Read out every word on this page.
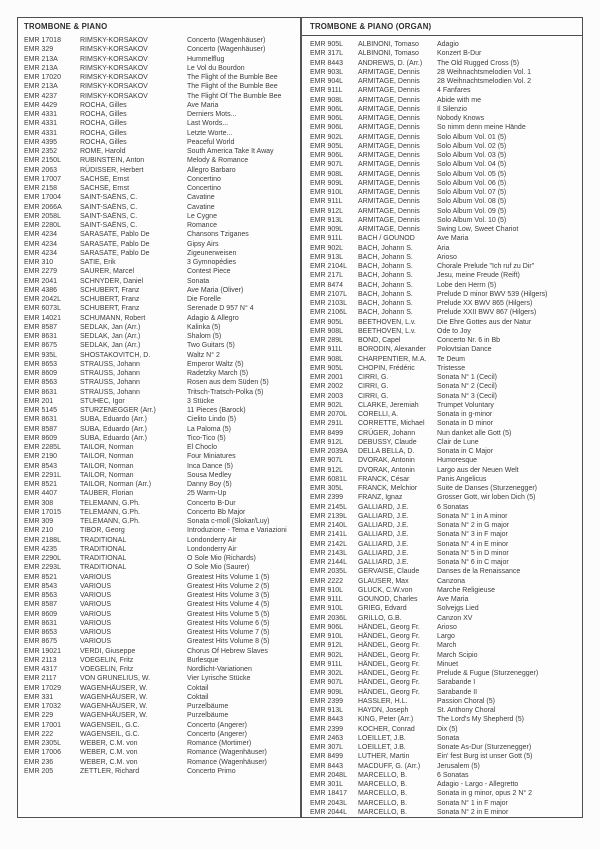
TROMBONE & PIANO
EMR 17018	RIMSKY-KORSAKOV	Concerto (Wagenhäuser)
EMR 329	RIMSKY-KORSAKOV	Concerto (Wagenhäuser)
EMR 213A	RIMSKY-KORSAKOV	Hummelflug
EMR 213A	RIMSKY-KORSAKOV	Le Vol du Bourdon
EMR 17020	RIMSKY-KORSAKOV	The Flight of the Bumble Bee
EMR 213A	RIMSKY-KORSAKOV	The Flight of the Bumble Bee
EMR 4237	RIMSKY-KORSAKOV	The Flight Of The Bumble Bee
EMR 4429	ROCHA, Gilles	Ave Maria
EMR 4331	ROCHA, Gilles	Derniers Mots...
EMR 4331	ROCHA, Gilles	Last Words...
EMR 4331	ROCHA, Gilles	Letzte Worte...
EMR 4395	ROCHA, Gilles	Peaceful World
EMR 2352	ROME, Harold	South America Take It Away
EMR 2150L	RUBINSTEIN, Anton	Melody & Romance
EMR 2063	RÜDISSER, Herbert	Allegro Barbaro
EMR 17007	SACHSE, Ernst	Concertino
EMR 2158	SACHSE, Ernst	Concertino
EMR 17004	SAINT-SAËNS, C.	Cavatine
EMR 2066A	SAINT-SAËNS, C.	Cavatine
EMR 2058L	SAINT-SAËNS, C.	Le Cygne
EMR 2280L	SAINT-SAËNS, C.	Romance
EMR 4234	SARASATE, Pablo De	Chansons Tziganes
EMR 4234	SARASATE, Pablo De	Gipsy Airs
EMR 4234	SARASATE, Pablo De	Zigeunerweisen
EMR 310	SATIE, Erik	3 Gymnopédies
EMR 2279	SAURER, Marcel	Contest Piece
EMR 2041	SCHNYDER, Daniel	Sonata
EMR 4386	SCHUBERT, Franz	Ave Maria (Oliver)
EMR 2042L	SCHUBERT, Franz	Die Forelle
EMR 6073L	SCHUBERT, Franz	Serenade D 957 N° 4
EMR 14021	SCHUMANN, Robert	Adagio & Allegro
EMR 8587	SEDLAK, Jan (Arr.)	Kalinka (5)
EMR 8631	SEDLAK, Jan (Arr.)	Shalom (5)
EMR 8675	SEDLAK, Jan (Arr.)	Two Guitars (5)
EMR 935L	SHOSTAKOVITCH, D.	Waltz N° 2
EMR 8653	STRAUSS, Johann	Emperor Waltz (5)
EMR 8609	STRAUSS, Johann	Radetzky March (5)
EMR 8563	STRAUSS, Johann	Rosen aus dem Süden (5)
EMR 8631	STRAUSS, Johann	Tritsch-Tratsch-Polka (5)
EMR 201	STUHEC, Igor	3 Stücke
EMR 5145	STURZENEGGER (Arr.)	11 Pieces (Barock)
EMR 8631	SUBA, Eduardo (Arr.)	Cielito Lindo (5)
EMR 8587	SUBA, Eduardo (Arr.)	La Paloma (5)
EMR 8609	SUBA, Eduardo (Arr.)	Tico-Tico (5)
EMR 2285L	TAILOR, Norman	El Choclo
EMR 2190	TAILOR, Norman	Four Miniatures
EMR 8543	TAILOR, Norman	Inca Dance (5)
EMR 2291L	TAILOR, Norman	Sousa Medley
EMR 8521	TAILOR, Norman (Arr.)	Danny Boy (5)
EMR 4407	TAUBER, Florian	25 Warm-Up
EMR 308	TELEMANN, G.Ph.	Concerto B-Dur
EMR 17015	TELEMANN, G.Ph.	Concerto Bb Major
EMR 309	TELEMANN, G.Ph.	Sonata c-moll (Slokar/Luy)
EMR 210	TIBOR, Georg	Introduzione - Tema e Variazioni
EMR 2188L	TRADITIONAL	Londonderry Air
EMR 4235	TRADITIONAL	Londonderry Air
EMR 2290L	TRADITIONAL	O Sole Mio (Richards)
EMR 2293L	TRADITIONAL	O Sole Mio (Saurer)
EMR 8521	VARIOUS	Greatest Hits Volume 1 (5)
EMR 8543	VARIOUS	Greatest Hits Volume 2 (5)
EMR 8563	VARIOUS	Greatest Hits Volume 3 (5)
EMR 8587	VARIOUS	Greatest Hits Volume 4 (5)
EMR 8609	VARIOUS	Greatest Hits Volume 5 (5)
EMR 8631	VARIOUS	Greatest Hits Volume 6 (5)
EMR 8653	VARIOUS	Greatest Hits Volume 7 (5)
EMR 8675	VARIOUS	Greatest Hits Volume 8 (5)
EMR 19021	VERDI, Giuseppe	Chorus Of Hebrew Slaves
EMR 2113	VOEGELIN, Fritz	Burlesque
EMR 4317	VOEGELIN, Fritz	Nordlicht-Variationen
EMR 2117	VON GRUNELIUS, W.	Vier Lyrische Stücke
EMR 17029	WAGENHÄUSER, W.	Coktail
EMR 331	WAGENHÄUSER, W.	Coktail
EMR 17032	WAGENHÄUSER, W.	Purzelbäume
EMR 229	WAGENHÄUSER, W.	Purzelbäume
EMR 17001	WAGENSEIL, G.C.	Concerto (Angerer)
EMR 222	WAGENSEIL, G.C.	Concerto (Angerer)
EMR 2305L	WEBER, C.M. von	Romance (Mortimer)
EMR 17006	WEBER, C.M. von	Romance (Wagenhäuser)
EMR 236	WEBER, C.M. von	Romance (Wagenhäuser)
EMR 205	ZETTLER, Richard	Concerto Primo
TROMBONE & PIANO (ORGAN)
EMR 905L	ALBINONI, Tomaso	Adagio
EMR 317L	ALBINONI, Tomaso	Konzert B-Dur
EMR 8443	ANDREWS, D. (Arr.)	The Old Rugged Cross (5)
EMR 903L	ARMITAGE, Dennis	28 Weihnachtsmelodien Vol. 1
EMR 904L	ARMITAGE, Dennis	28 Weihnachtsmelodien Vol. 2
EMR 911L	ARMITAGE, Dennis	4 Fanfares
EMR 908L	ARMITAGE, Dennis	Abide with me
EMR 906L	ARMITAGE, Dennis	Il Silenzio
EMR 906L	ARMITAGE, Dennis	Nobody Knows
EMR 906L	ARMITAGE, Dennis	So nimm denn meine Hände
EMR 902L	ARMITAGE, Dennis	Solo Album Vol. 01 (5)
EMR 905L	ARMITAGE, Dennis	Solo Album Vol. 02 (5)
EMR 906L	ARMITAGE, Dennis	Solo Album Vol. 03 (5)
EMR 907L	ARMITAGE, Dennis	Solo Album Vol. 04 (5)
EMR 908L	ARMITAGE, Dennis	Solo Album Vol. 05 (5)
EMR 909L	ARMITAGE, Dennis	Solo Album Vol. 06 (5)
EMR 910L	ARMITAGE, Dennis	Solo Album Vol. 07 (5)
EMR 911L	ARMITAGE, Dennis	Solo Album Vol. 08 (5)
EMR 912L	ARMITAGE, Dennis	Solo Album Vol. 09 (5)
EMR 913L	ARMITAGE, Dennis	Solo Album Vol. 10 (5)
EMR 909L	ARMITAGE, Dennis	Swing Low, Sweet Chariot
EMR 911L	BACH / GOUNOD	Ave Maria
EMR 902L	BACH, Johann S.	Aria
EMR 913L	BACH, Johann S.	Arioso
EMR 2104L	BACH, Johann S.	Chorale Prelude "Ich ruf zu Dir"
EMR 217L	BACH, Johann S.	Jesu, meine Freude (Reift)
EMR 8474	BACH, Johann S.	Lobe den Herrn (5)
EMR 2107L	BACH, Johann S.	Prelude D minor BWV 539 (Hilgers)
EMR 2103L	BACH, Johann S.	Prelude XX BWV 865 (Hilgers)
EMR 2106L	BACH, Johann S.	Prelude XXII BWV 867 (Hilgers)
EMR 905L	BEETHOVEN, L.v.	Die Ehre Gottes aus der Natur
EMR 908L	BEETHOVEN, L.v.	Ode to Joy
EMR 289L	BOND, Capel	Concerto Nr. 6 in Bb
EMR 911L	BORODIN, Alexander	Polovtsian Dance
EMR 908L	CHARPENTIER, M.A.	Te Deum
EMR 905L	CHOPIN, Frédéric	Tristesse
EMR 2001	CIRRI, G.	Sonata N° 1 (Cecil)
EMR 2002	CIRRI, G.	Sonata N° 2 (Cecil)
EMR 2003	CIRRI, G.	Sonata N° 3 (Cecil)
EMR 902L	CLARKE, Jeremiah	Trumpet Voluntary
EMR 2070L	CORELLI, A.	Sonata in g-minor
EMR 291L	CORRETTE, Michael	Sonata in D minor
EMR 8499	CRÜGER, Johann	Nun danket alle Gott (5)
EMR 912L	DEBUSSY, Claude	Clair de Lune
EMR 2039A	DELLA BELLA, D.	Sonata in C Major
EMR 907L	DVORAK, Antonin	Humoresque
EMR 912L	DVORAK, Antonin	Largo aus der Neuen Welt
EMR 6081L	FRANCK, César	Panis Angelicus
EMR 305L	FRANCK, Melchior	Suite de Danses (Sturzenegger)
EMR 2399	FRANZ, Ignaz	Grosser Gott, wir loben Dich (5)
EMR 2145L	GALLIARD, J.E.	6 Sonatas
EMR 2139L	GALLIARD, J.E.	Sonata N° 1 in A minor
EMR 2140L	GALLIARD, J.E.	Sonata N° 2 in G major
EMR 2141L	GALLIARD, J.E.	Sonata N° 3 in F major
EMR 2142L	GALLIARD, J.E.	Sonata N° 4 in E minor
EMR 2143L	GALLIARD, J.E.	Sonata N° 5 in D minor
EMR 2144L	GALLIARD, J.E.	Sonata N° 6 in C major
EMR 2035L	GERVAISE, Claude	Danses de la Renaissance
EMR 2222	GLAUSER, Max	Canzona
EMR 910L	GLUCK, C.W.von	Marche Religieuse
EMR 911L	GOUNOD, Charles	Ave Maria
EMR 910L	GRIEG, Edvard	Solvejgs Lied
EMR 2036L	GRILLO, G.B.	Canzon XV
EMR 906L	HÄNDEL, Georg Fr.	Arioso
EMR 910L	HÄNDEL, Georg Fr.	Largo
EMR 912L	HÄNDEL, Georg Fr.	March
EMR 902L	HÄNDEL, Georg Fr.	March Scipio
EMR 911L	HÄNDEL, Georg Fr.	Minuet
EMR 302L	HÄNDEL, Georg Fr.	Prelude & Fugue (Sturzenegger)
EMR 907L	HÄNDEL, Georg Fr.	Sarabande I
EMR 909L	HÄNDEL, Georg Fr.	Sarabande II
EMR 2399	HASSLER, H.L.	Passion Choral (5)
EMR 913L	HAYDN, Joseph	St. Anthony Choral
EMR 8443	KING, Peter (Arr.)	The Lord's My Shepherd (5)
EMR 2399	KOCHER, Conrad	Dix (5)
EMR 2463	LOEILLET, J.B.	Sonata
EMR 307L	LOEILLET, J.B.	Sonate As-Dur (Sturzenegger)
EMR 8499	LUTHER, Martin	Ein' fest Burg ist unser Gott (5)
EMR 8443	MACDUFF, G. (Arr.)	Jerusalem (5)
EMR 2048L	MARCELLO, B.	6 Sonatas
EMR 301L	MARCELLO, B.	Adagio - Largo - Allegretto
EMR 18417	MARCELLO, B.	Sonata in g minor, opus 2 N° 2
EMR 2043L	MARCELLO, B.	Sonata N° 1 in F major
EMR 2044L	MARCELLO, B.	Sonata N° 2 in E minor
